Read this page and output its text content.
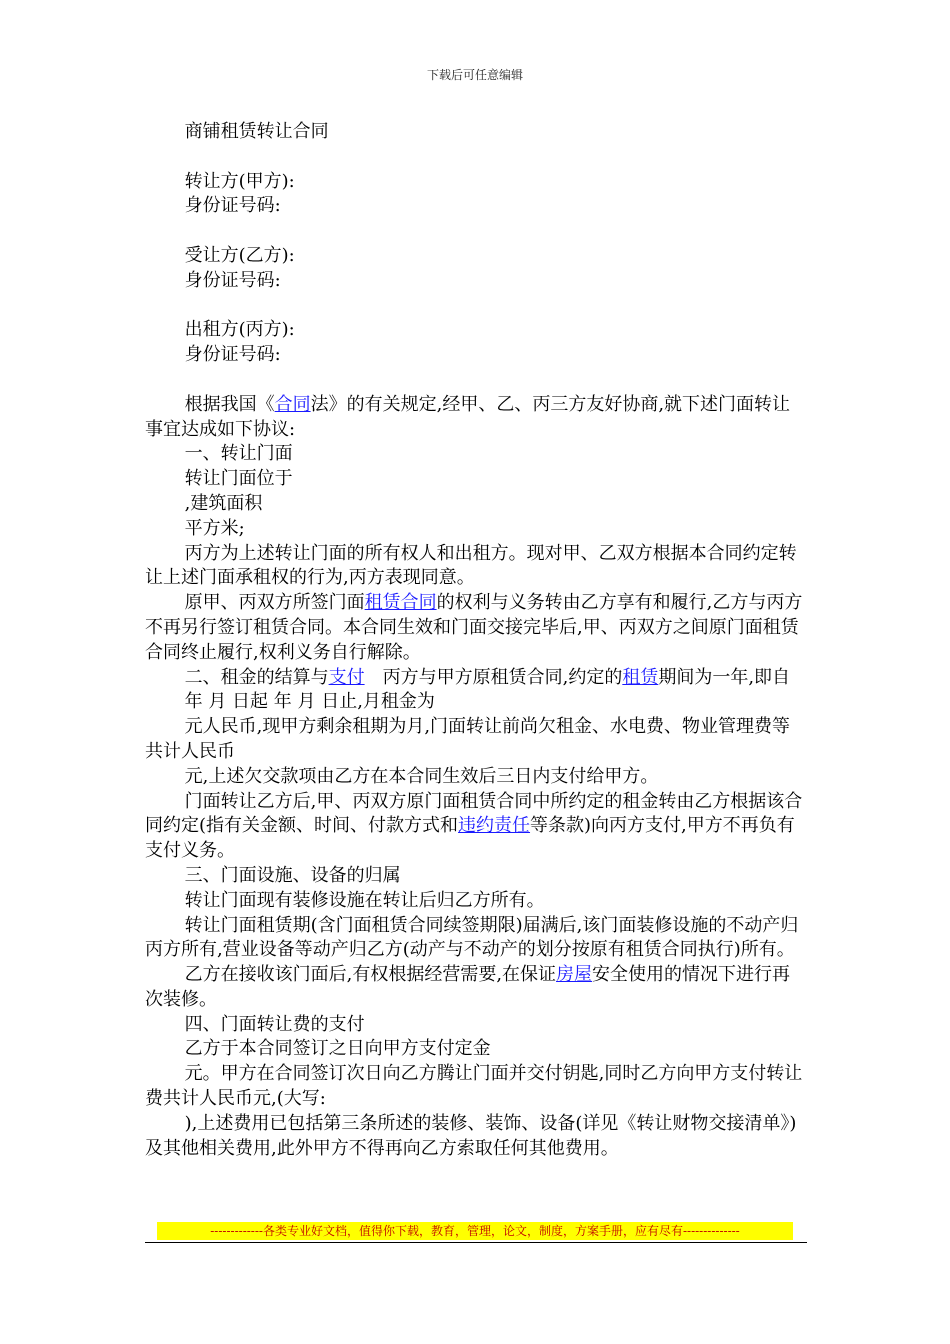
下载后可任意编辑

商铺租赁转让合同

转让方(甲方):

身份证号码:

受让方(乙方):

身份证号码:

出租方(丙方):

身份证号码:

根据我国《合同法》的有关规定,经甲、乙、丙三方友好协商,就下述门面转让事宜达成如下协议:

一、转让门面

转让门面位于

,建筑面积

平方米;

丙方为上述转让门面的所有权人和出租方。现对甲、乙双方根据本合同约定转让上述门面承租权的行为,丙方表现同意。

原甲、丙双方所签门面租赁合同的权利与义务转由乙方享有和履行,乙方与丙方不再另行签订租赁合同。本合同生效和门面交接完毕后,甲、丙双方之间原门面租赁合同终止履行,权利义务自行解除。

二、租金的结算与支付　丙方与甲方原租赁合同,约定的租赁期间为一年,即自

年 月 日起 年 月 日止,月租金为

元人民币,现甲方剩余租期为月,门面转让前尚欠租金、水电费、物业管理费等共计人民币

元,上述欠交款项由乙方在本合同生效后三日内支付给甲方。

门面转让乙方后,甲、丙双方原门面租赁合同中所约定的租金转由乙方根据该合同约定(指有关金额、时间、付款方式和违约责任等条款)向丙方支付,甲方不再负有支付义务。

三、门面设施、设备的归属

转让门面现有装修设施在转让后归乙方所有。

转让门面租赁期(含门面租赁合同续签期限)届满后,该门面装修设施的不动产归丙方所有,营业设备等动产归乙方(动产与不动产的划分按原有租赁合同执行)所有。

乙方在接收该门面后,有权根据经营需要,在保证房屋安全使用的情况下进行再次装修。

四、门面转让费的支付

乙方于本合同签订之日向甲方支付定金

元。甲方在合同签订次日向乙方腾让门面并交付钥匙,同时乙方向甲方支付转让费共计人民币元,(大写:

),上述费用已包括第三条所述的装修、装饰、设备(详见《转让财物交接清单》)及其他相关费用,此外甲方不得再向乙方索取任何其他费用。

-------------各类专业好文档，值得你下载，教育，管理，论文，制度，方案手册，应有尽有--------------
